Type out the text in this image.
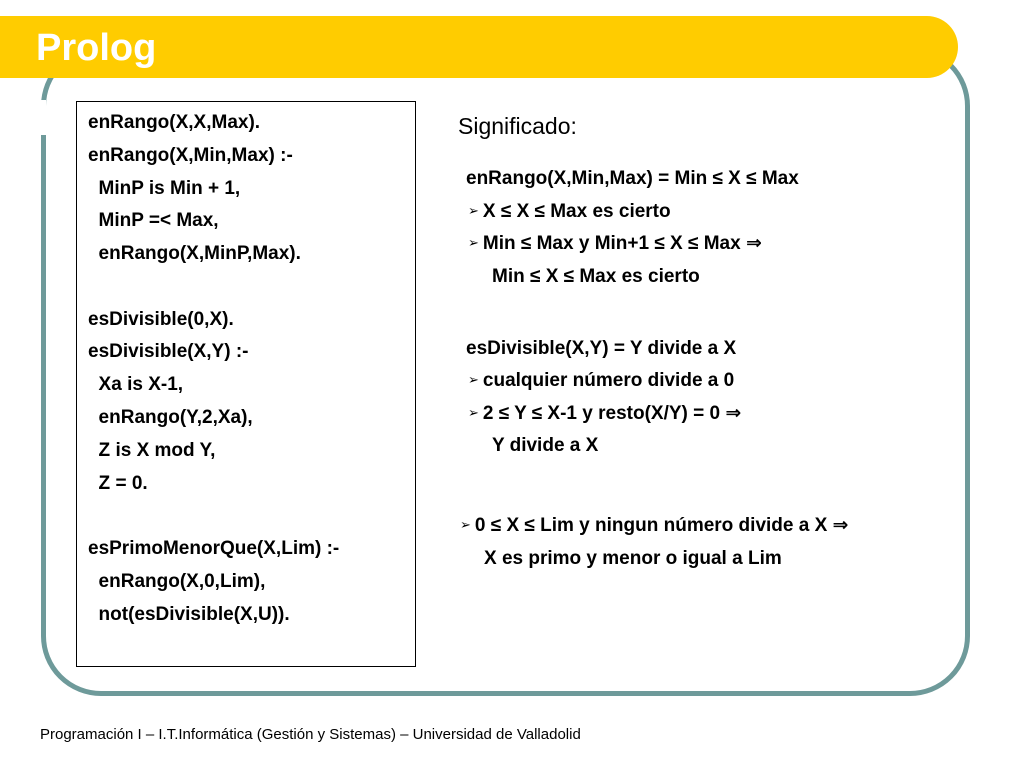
Prolog
enRango(X,X,Max).
enRango(X,Min,Max) :-
MinP is Min + 1,
MinP =< Max,
enRango(X,MinP,Max).
esDivisible(0,X).
esDivisible(X,Y) :-
Xa is X-1,
enRango(Y,2,Xa),
Z is X mod Y,
Z = 0.
esPrimoMenorQue(X,Lim) :-
enRango(X,0,Lim),
not(esDivisible(X,U)).
Significado:
enRango(X,Min,Max) = Min ≤ X ≤ Max
➢ X ≤ X ≤ Max es cierto
➢ Min ≤ Max y Min+1 ≤ X ≤ Max ⇒
Min ≤ X ≤ Max es cierto
esDivisible(X,Y) = Y divide a X
➢ cualquier número divide a 0
➢ 2 ≤ Y ≤ X-1 y resto(X/Y) = 0 ⇒
Y divide a X
➢ 0 ≤ X ≤ Lim y ningun número divide a X ⇒
X es primo y menor o igual a Lim
Programación I – I.T.Informática (Gestión y Sistemas) – Universidad de Valladolid
